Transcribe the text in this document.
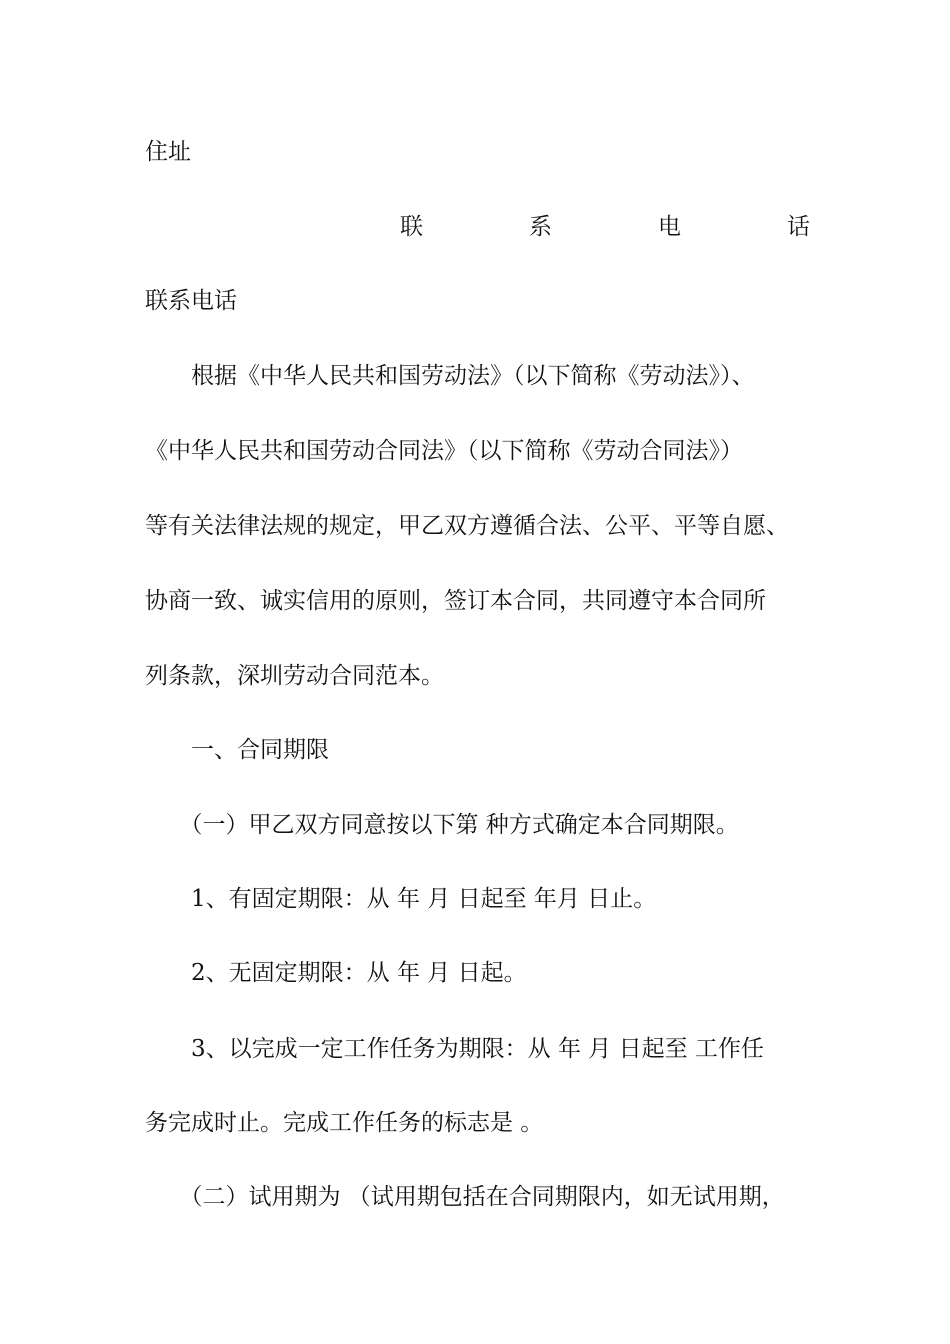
住址
联	系	电	话
联系电话
　　根据《中华人民共和国劳动法》（以下简称《劳动法》）、
《中华人民共和国劳动合同法》（以下简称《劳动合同法》）
等有关法律法规的规定，甲乙双方遵循合法、公平、平等自愿、
协商一致、诚实信用的原则，签订本合同，共同遵守本合同所
列条款，深圳劳动合同范本。
　　一、合同期限
　　（一）甲乙双方同意按以下第 种方式确定本合同期限。
　　1、有固定期限：从 年 月 日起至 年月 日止。
　　2、无固定期限：从 年 月 日起。
　　3、以完成一定工作任务为期限：从 年 月 日起至 工作任
务完成时止。完成工作任务的标志是 。
　　（二）试用期为 （试用期包括在合同期限内，如无试用期，
